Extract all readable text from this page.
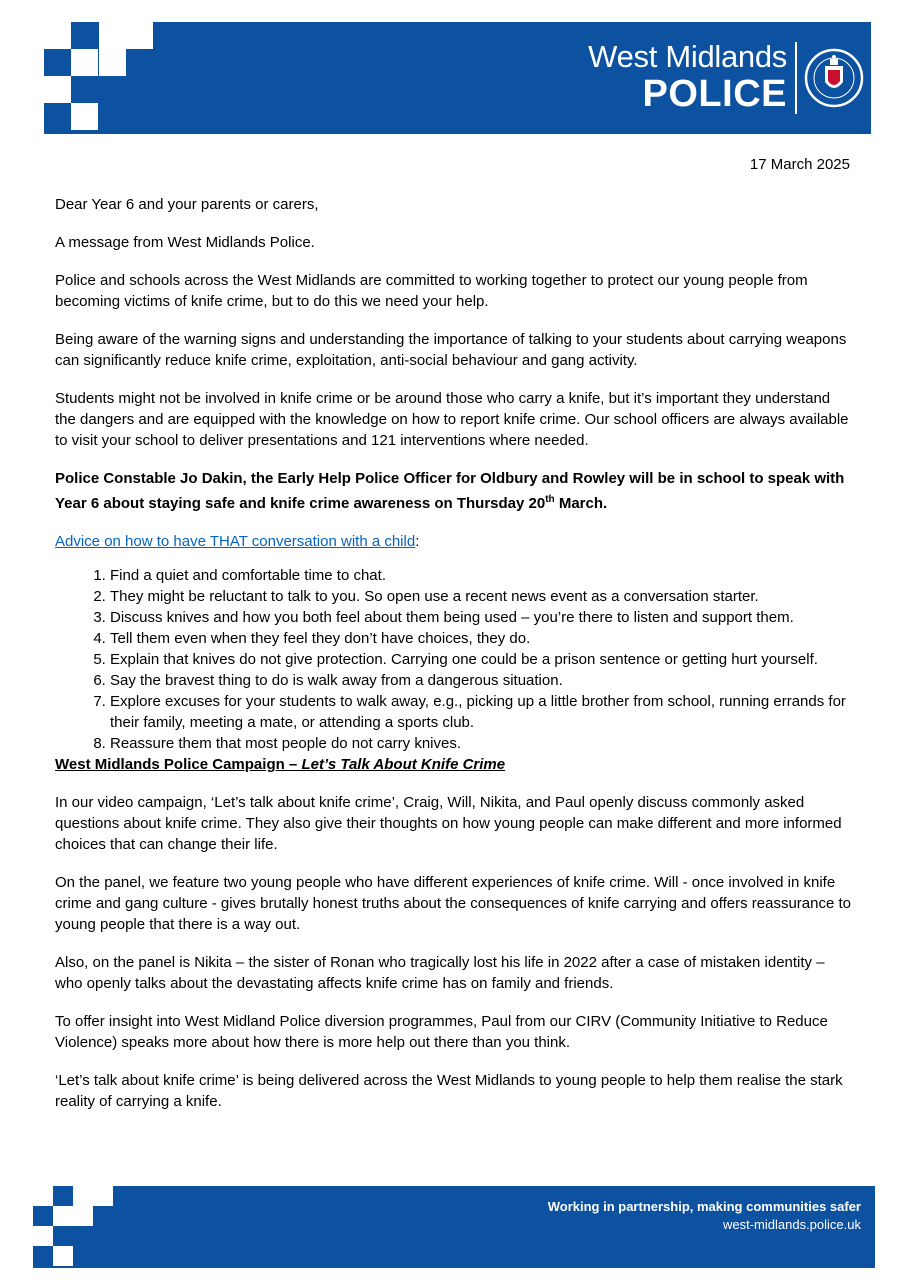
West Midlands
POLICE
17 March 2025

Dear Year 6 and your parents or carers,

A message from West Midlands Police.

Police and schools across the West Midlands are committed to working together to protect our young people from becoming victims of knife crime, but to do this we need your help.

Being aware of the warning signs and understanding the importance of talking to your students about carrying weapons can significantly reduce knife crime, exploitation, anti-social behaviour and gang activity.

Students might not be involved in knife crime or be around those who carry a knife, but it’s important they understand the dangers and are equipped with the knowledge on how to report knife crime. Our school officers are always available to visit your school to deliver presentations and 121 interventions where needed.

Police Constable Jo Dakin, the Early Help Police Officer for Oldbury and Rowley will be in school to speak with Year 6 about staying safe and knife crime awareness on Thursday 20th March.

Advice on how to have THAT conversation with a child:

1. Find a quiet and comfortable time to chat.
2. They might be reluctant to talk to you. So open use a recent news event as a conversation starter.
3. Discuss knives and how you both feel about them being used – you’re there to listen and support them.
4. Tell them even when they feel they don’t have choices, they do.
5. Explain that knives do not give protection. Carrying one could be a prison sentence or getting hurt yourself.
6. Say the bravest thing to do is walk away from a dangerous situation.
7. Explore excuses for your students to walk away, e.g., picking up a little brother from school, running errands for their family, meeting a mate, or attending a sports club.
8. Reassure them that most people do not carry knives.

West Midlands Police Campaign – Let’s Talk About Knife Crime

In our video campaign, ‘Let’s talk about knife crime’, Craig, Will, Nikita, and Paul openly discuss commonly asked questions about knife crime. They also give their thoughts on how young people can make different and more informed choices that can change their life.

On the panel, we feature two young people who have different experiences of knife crime. Will - once involved in knife crime and gang culture - gives brutally honest truths about the consequences of knife carrying and offers reassurance to young people that there is a way out.

Also, on the panel is Nikita – the sister of Ronan who tragically lost his life in 2022 after a case of mistaken identity – who openly talks about the devastating affects knife crime has on family and friends.

To offer insight into West Midland Police diversion programmes, Paul from our CIRV (Community Initiative to Reduce Violence) speaks more about how there is more help out there than you think.

‘Let’s talk about knife crime’ is being delivered across the West Midlands to young people to help them realise the stark reality of carrying a knife.

Working in partnership, making communities safer
west-midlands.police.uk
